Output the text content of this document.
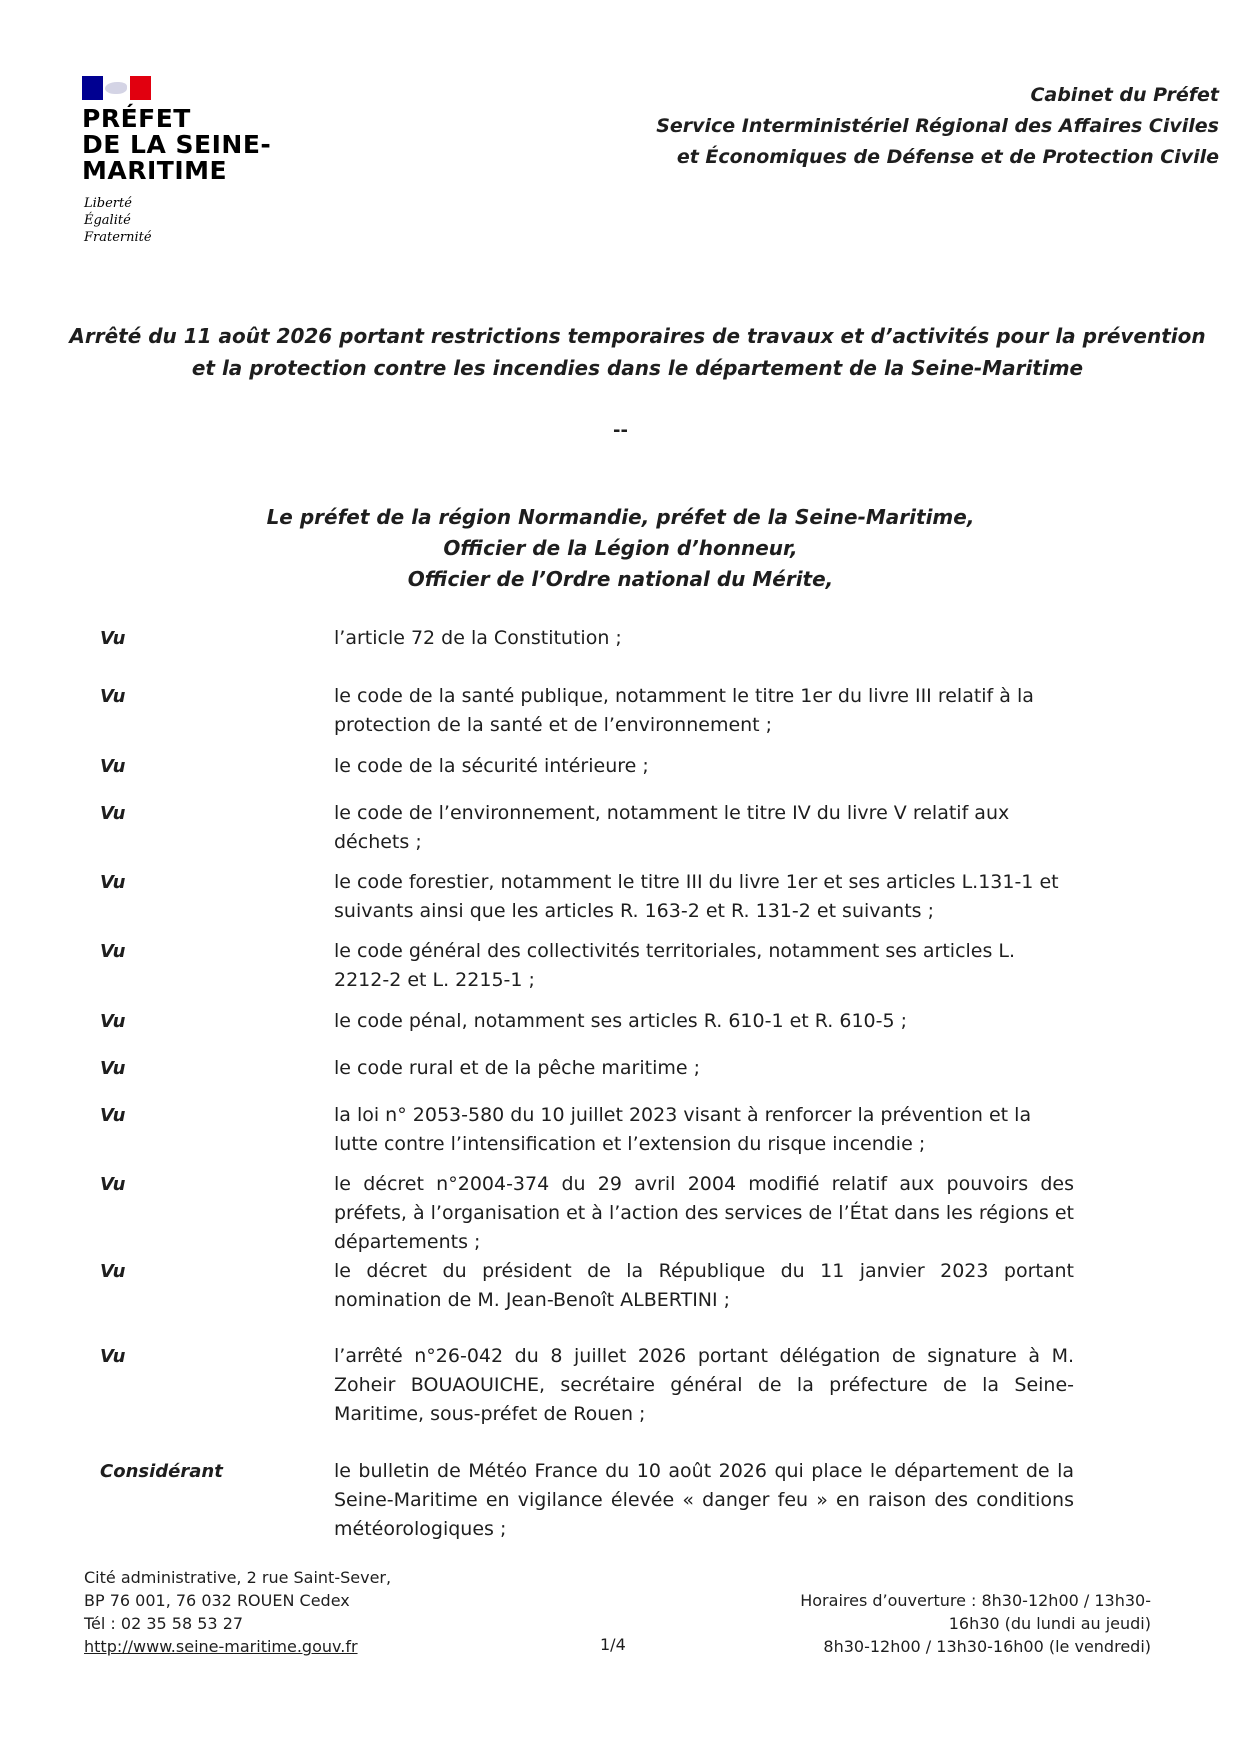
PRÉFET
DE LA SEINE-
MARITIME
Liberté
Égalité
Fraternité
Cabinet du Préfet
Service Interministériel Régional des Affaires Civiles
et Économiques de Défense et de Protection Civile
Arrêté du 11 août 2026 portant restrictions temporaires de travaux et d’activités pour la prévention et la protection contre les incendies dans le département de la Seine-Maritime
--
Le préfet de la région Normandie, préfet de la Seine-Maritime,
Officier de la Légion d’honneur,
Officier de l’Ordre national du Mérite,
Vu	l’article 72 de la Constitution ;
Vu	le code de la santé publique, notamment le titre 1er du livre III relatif à la protection de la santé et de l’environnement ;
Vu	le code de la sécurité intérieure ;
Vu	le code de l’environnement, notamment le titre IV du livre V relatif aux déchets ;
Vu	le code forestier, notamment le titre III du livre 1er et ses articles L.131-1 et suivants ainsi que les articles R. 163-2 et R. 131-2 et suivants ;
Vu	le code général des collectivités territoriales, notamment ses articles L. 2212-2 et L. 2215-1 ;
Vu	le code pénal, notamment ses articles R. 610-1 et R. 610-5 ;
Vu	le code rural et de la pêche maritime ;
Vu	la loi n° 2053-580 du 10 juillet 2023 visant à renforcer la prévention et la lutte contre l’intensification et l’extension du risque incendie ;
Vu	le décret n°2004-374 du 29 avril 2004 modifié relatif aux pouvoirs des préfets, à l’organisation et à l’action des services de l’État dans les régions et départements ;
Vu	le décret du président de la République du 11 janvier 2023 portant nomination de M. Jean-Benoît ALBERTINI ;
Vu	l’arrêté n°26-042 du 8 juillet 2026 portant délégation de signature à M. Zoheir BOUAOUICHE, secrétaire général de la préfecture de la Seine-Maritime, sous-préfet de Rouen ;
Considérant	le bulletin de Météo France du 10 août 2026 qui place le département de la Seine-Maritime en vigilance élevée « danger feu » en raison des conditions météorologiques ;
Cité administrative, 2 rue Saint-Sever,
BP 76 001, 76 032 ROUEN Cedex
Tél : 02 35 58 53 27
http://www.seine-maritime.gouv.fr	1/4
Horaires d’ouverture : 8h30-12h00 / 13h30-
16h30 (du lundi au jeudi)
8h30-12h00 / 13h30-16h00 (le vendredi)
